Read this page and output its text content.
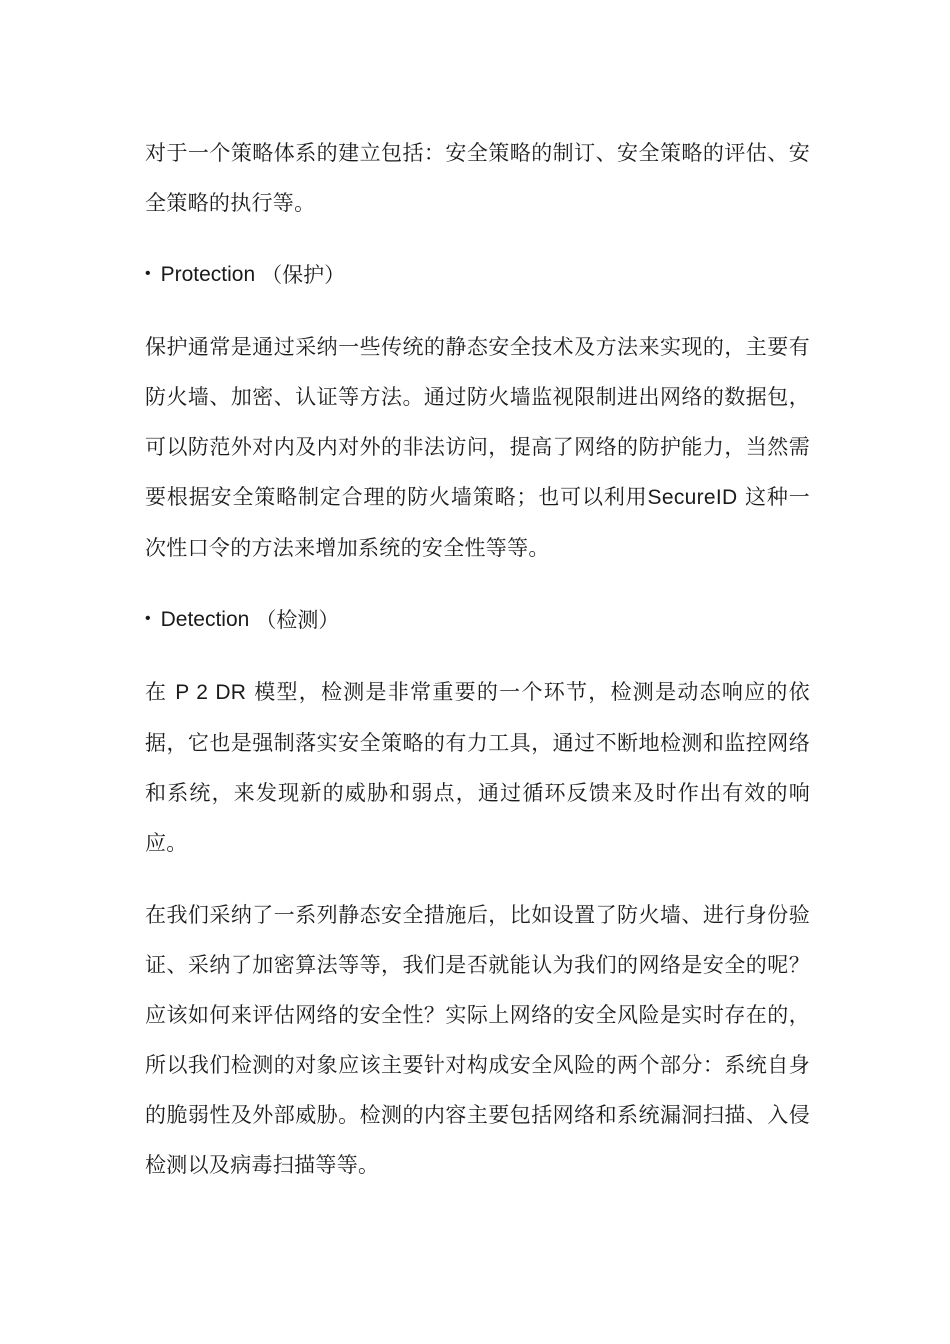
对于一个策略体系的建立包括：安全策略的制订、安全策略的评估、安全策略的执行等。

• Protection （保护）

保护通常是通过采纳一些传统的静态安全技术及方法来实现的，主要有防火墙、加密、认证等方法。通过防火墙监视限制进出网络的数据包，可以防范外对内及内对外的非法访问，提高了网络的防护能力，当然需要根据安全策略制定合理的防火墙策略；也可以利用SecureID 这种一次性口令的方法来增加系统的安全性等等。

• Detection （检测）

在 P 2 DR 模型，检测是非常重要的一个环节，检测是动态响应的依据，它也是强制落实安全策略的有力工具，通过不断地检测和监控网络和系统，来发现新的威胁和弱点，通过循环反馈来及时作出有效的响应。

在我们采纳了一系列静态安全措施后，比如设置了防火墙、进行身份验证、采纳了加密算法等等，我们是否就能认为我们的网络是安全的呢？应该如何来评估网络的安全性？实际上网络的安全风险是实时存在的，所以我们检测的对象应该主要针对构成安全风险的两个部分：系统自身的脆弱性及外部威胁。检测的内容主要包括网络和系统漏洞扫描、入侵检测以及病毒扫描等等。
